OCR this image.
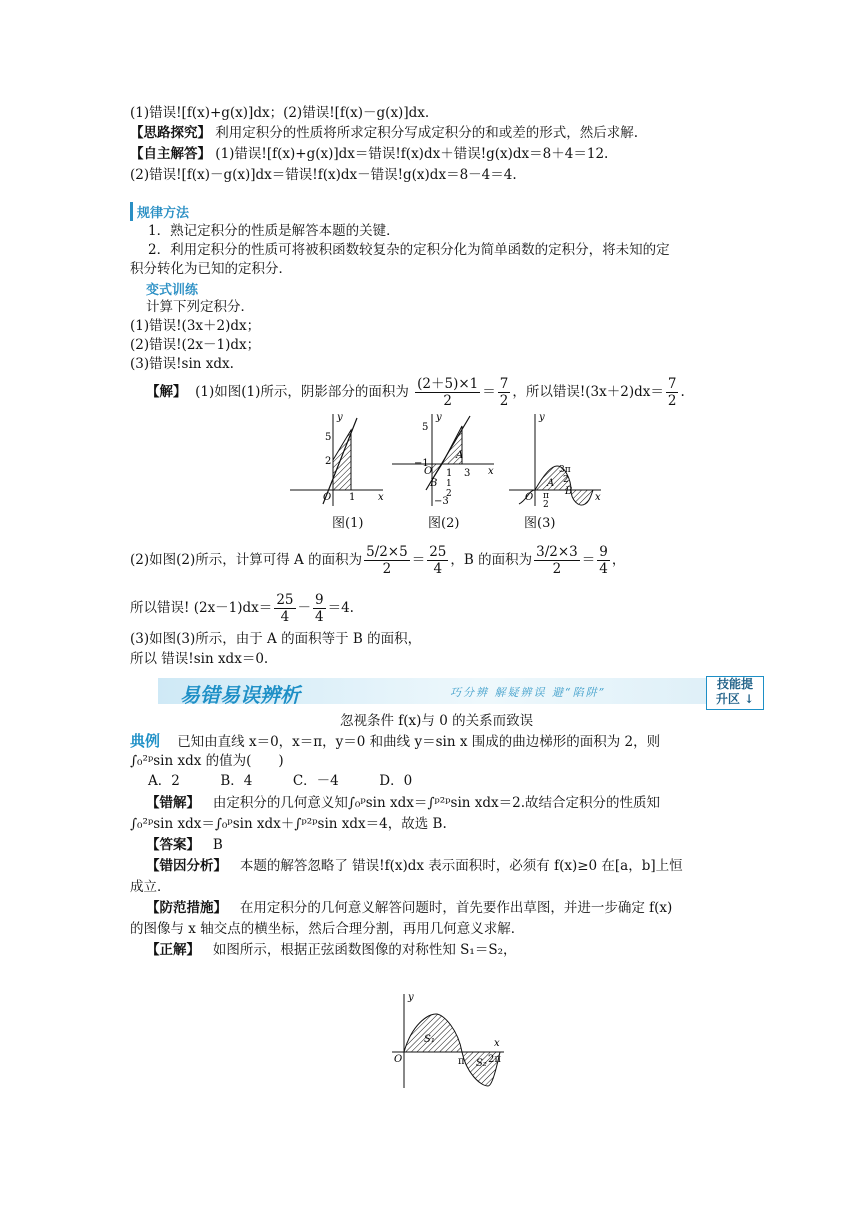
(1)错误![f(x)+g(x)]dx；(2)错误![f(x)－g(x)]dx.
【思路探究】 利用定积分的性质将所求定积分写成定积分的和或差的形式，然后求解.
【自主解答】 (1)错误![f(x)+g(x)]dx＝错误!f(x)dx＋错误!g(x)dx＝8＋4＝12.
(2)错误![f(x)－g(x)]dx＝错误!f(x)dx－错误!g(x)dx＝8－4＝4.
规律方法
1．熟记定积分的性质是解答本题的关键．
2．利用定积分的性质可将被积函数较复杂的定积分化为简单函数的定积分，将未知的定
积分转化为已知的定积分．
变式训练
计算下列定积分．
(1)错误!(3x＋2)dx；
(2)错误!(2x－1)dx；
(3)错误!sin xdx.
【解】 (1)如图(1)所示，阴影部分的面积为 $\frac{(2+5)\times 1}{2} = \frac{7}{2}$ ，所以错误$!(3x+2)dx= \frac{7}{2}$ .
y
x
O
5
2
1
y
x
5
−1
O
A
B
1 3
1
2
−3
y
x
O
A
B
3π
2
π
2
图(1)	图(2)	图(3)
(2)如图(2)所示，计算可得 A 的面积为 $\frac{5/2\times 5}{2} = \frac{25}{4}$ ，B 的面积为 $\frac{3/2\times 3}{2} = \frac{9}{4}$ ，
所以错误! $(2x-1)dx= \frac{25}{4} - \frac{9}{4} =4$.
(3)如图(3)所示，由于 A 的面积等于 B 的面积，
所以 错误!sin xdx＝0.
易错易误辨析	巧分辨 解疑辨误 避“陷阱”
技能提
升区 ↓
忽视条件 f(x)与 0 的关系而致误
典例 已知由直线 x＝0，x＝π，y＝0 和曲线 y＝sin x 围成的曲边梯形的面积为 2，则
∫₀²ᵖsin xdx 的值为(　　)
A．2　　　B．4　　　C．－4　　　D．0
【错解】 由定积分的几何意义知∫₀ᵖsin xdx＝∫ᵖ²ᵖsin xdx＝2.故结合定积分的性质知
∫₀²ᵖsin xdx＝∫₀ᵖsin xdx＋∫ᵖ²ᵖsin xdx＝4，故选 B.
【答案】 B
【错因分析】 本题的解答忽略了 错误!f(x)dx 表示面积时，必须有 f(x)≥0 在[a，b]上恒
成立．
【防范措施】 在用定积分的几何意义解答问题时，首先要作出草图，并进一步确定 f(x)
的图像与 x 轴交点的横坐标，然后合理分割，再用几何意义求解．
【正解】 如图所示，根据正弦函数图像的对称性知 S₁＝S₂，
y
x
O
S₁
S₂
π 2π
